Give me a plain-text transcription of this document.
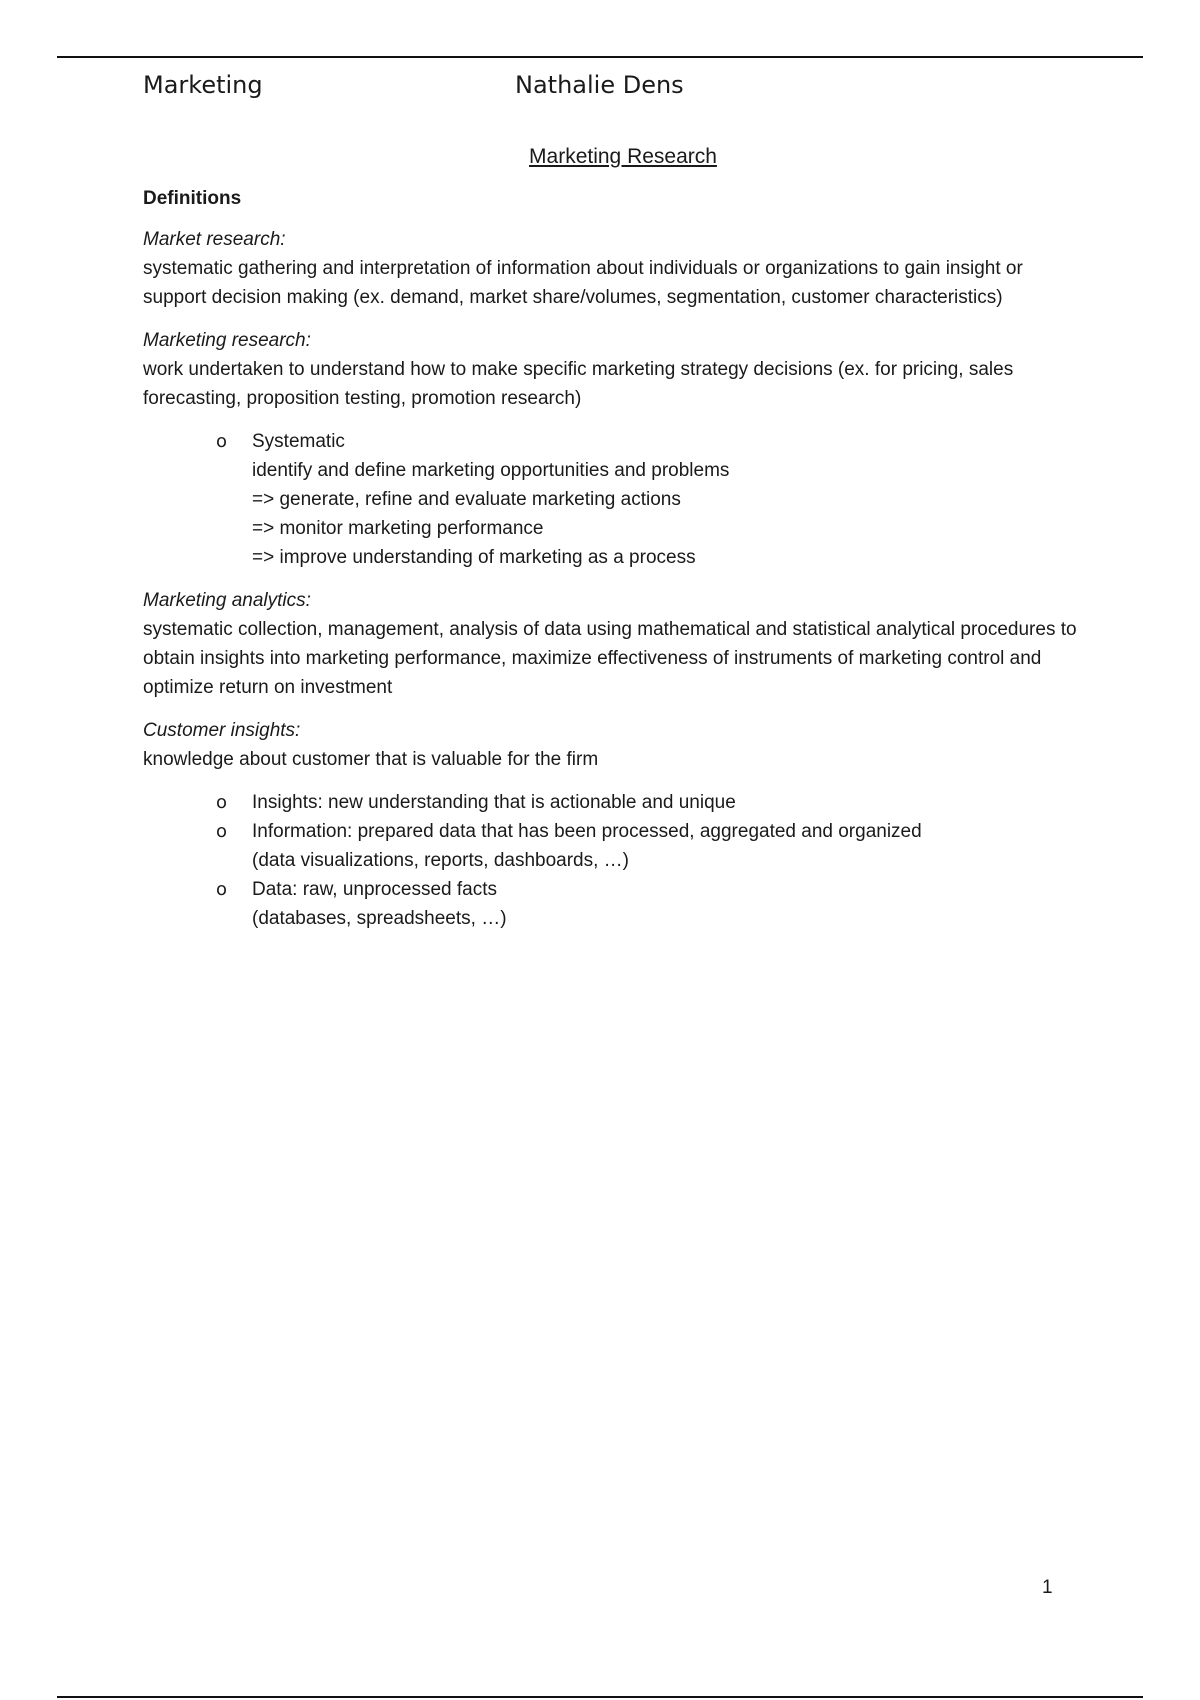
Marketing	Nathalie Dens
Marketing Research
Definitions

Market research:

systematic gathering and interpretation of information about individuals or organizations to gain insight or support decision making (ex. demand, market share/volumes, segmentation, customer characteristics)

Marketing research:

work undertaken to understand how to make specific marketing strategy decisions (ex. for pricing, sales forecasting, proposition testing, promotion research)

o Systematic
identify and define marketing opportunities and problems
=> generate, refine and evaluate marketing actions
=> monitor marketing performance
=> improve understanding of marketing as a process

Marketing analytics:

systematic collection, management, analysis of data using mathematical and statistical analytical procedures to obtain insights into marketing performance, maximize effectiveness of instruments of marketing control and optimize return on investment

Customer insights:

knowledge about customer that is valuable for the firm

o Insights: new understanding that is actionable and unique
o Information: prepared data that has been processed, aggregated and organized
(data visualizations, reports, dashboards, …)
o Data: raw, unprocessed facts
(databases, spreadsheets, …)
1
